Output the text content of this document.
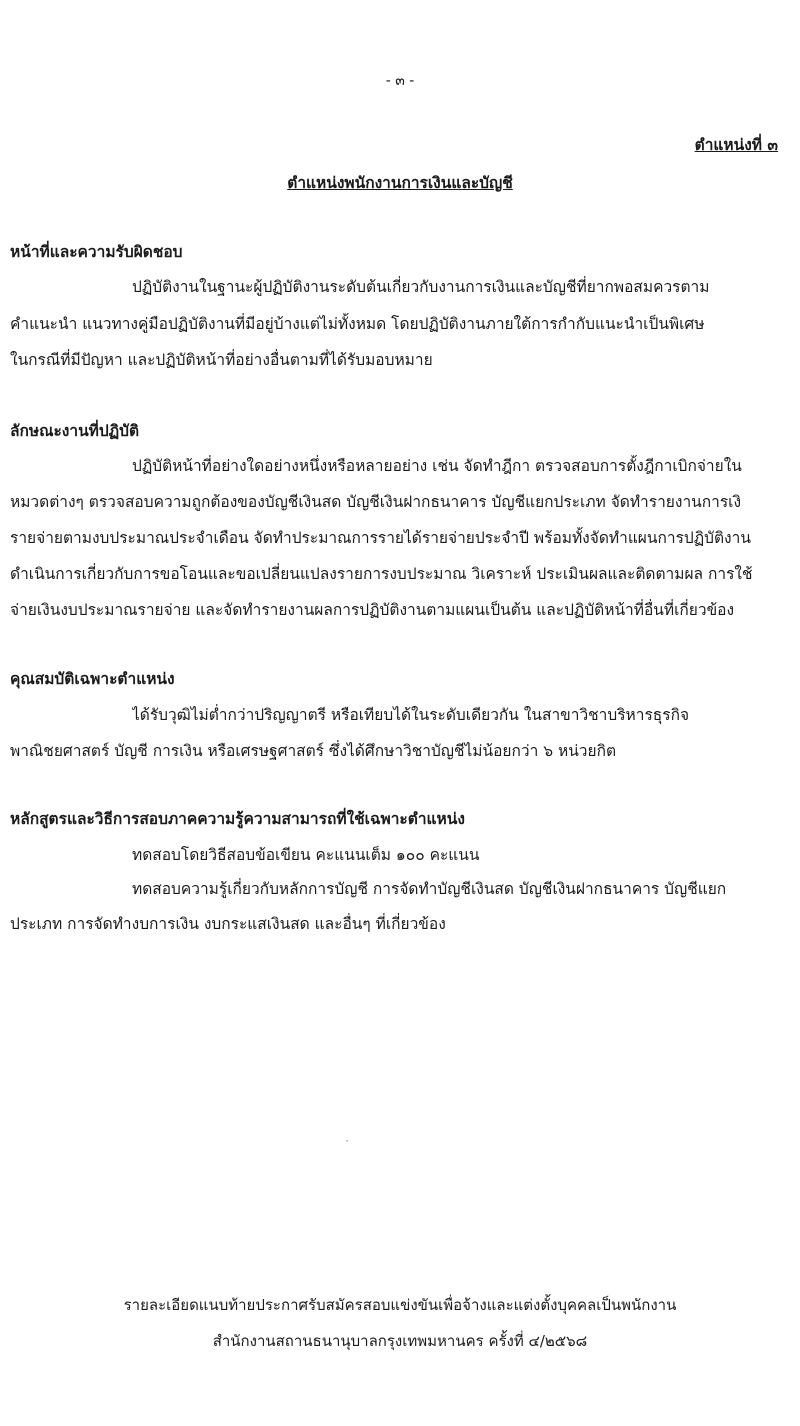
- ๓ -
ตำแหน่งที่ ๓
ตำแหน่งพนักงานการเงินและบัญชี
หน้าที่และความรับผิดชอบ
ปฏิบัติงานในฐานะผู้ปฏิบัติงานระดับต้นเกี่ยวกับงานการเงินและบัญชีที่ยากพอสมควรตาม
คำแนะนำ แนวทางคู่มือปฏิบัติงานที่มีอยู่บ้างแต่ไม่ทั้งหมด โดยปฏิบัติงานภายใต้การกำกับแนะนำเป็นพิเศษ
ในกรณีที่มีปัญหา และปฏิบัติหน้าที่อย่างอื่นตามที่ได้รับมอบหมาย
ลักษณะงานที่ปฏิบัติ
ปฏิบัติหน้าที่อย่างใดอย่างหนึ่งหรือหลายอย่าง เช่น จัดทำฎีกา ตรวจสอบการตั้งฎีกาเบิกจ่ายใน
หมวดต่างๆ ตรวจสอบความถูกต้องของบัญชีเงินสด บัญชีเงินฝากธนาคาร บัญชีแยกประเภท จัดทำรายงานการเงิ
รายจ่ายตามงบประมาณประจำเดือน จัดทำประมาณการรายได้รายจ่ายประจำปี พร้อมทั้งจัดทำแผนการปฏิบัติงาน
ดำเนินการเกี่ยวกับการขอโอนและขอเปลี่ยนแปลงรายการงบประมาณ วิเคราะห์ ประเมินผลและติดตามผล การใช้
จ่ายเงินงบประมาณรายจ่าย และจัดทำรายงานผลการปฏิบัติงานตามแผนเป็นต้น และปฏิบัติหน้าที่อื่นที่เกี่ยวข้อง
คุณสมบัติเฉพาะตำแหน่ง
ได้รับวุฒิไม่ต่ำกว่าปริญญาตรี หรือเทียบได้ในระดับเดียวกัน ในสาขาวิชาบริหารธุรกิจ
พาณิชยศาสตร์ บัญชี การเงิน หรือเศรษฐศาสตร์ ซึ่งได้ศึกษาวิชาบัญชีไม่น้อยกว่า ๖ หน่วยกิต
หลักสูตรและวิธีการสอบภาคความรู้ความสามารถที่ใช้เฉพาะตำแหน่ง
ทดสอบโดยวิธีสอบข้อเขียน คะแนนเต็ม ๑๐๐ คะแนน
ทดสอบความรู้เกี่ยวกับหลักการบัญชี การจัดทำบัญชีเงินสด บัญชีเงินฝากธนาคาร บัญชีแยก
ประเภท การจัดทำงบการเงิน งบกระแสเงินสด และอื่นๆ ที่เกี่ยวข้อง
รายละเอียดแนบท้ายประกาศรับสมัครสอบแข่งขันเพื่อจ้างและแต่งตั้งบุคคลเป็นพนักงาน
สำนักงานสถานธนานุบาลกรุงเทพมหานคร ครั้งที่ ๔/๒๕๖๘
